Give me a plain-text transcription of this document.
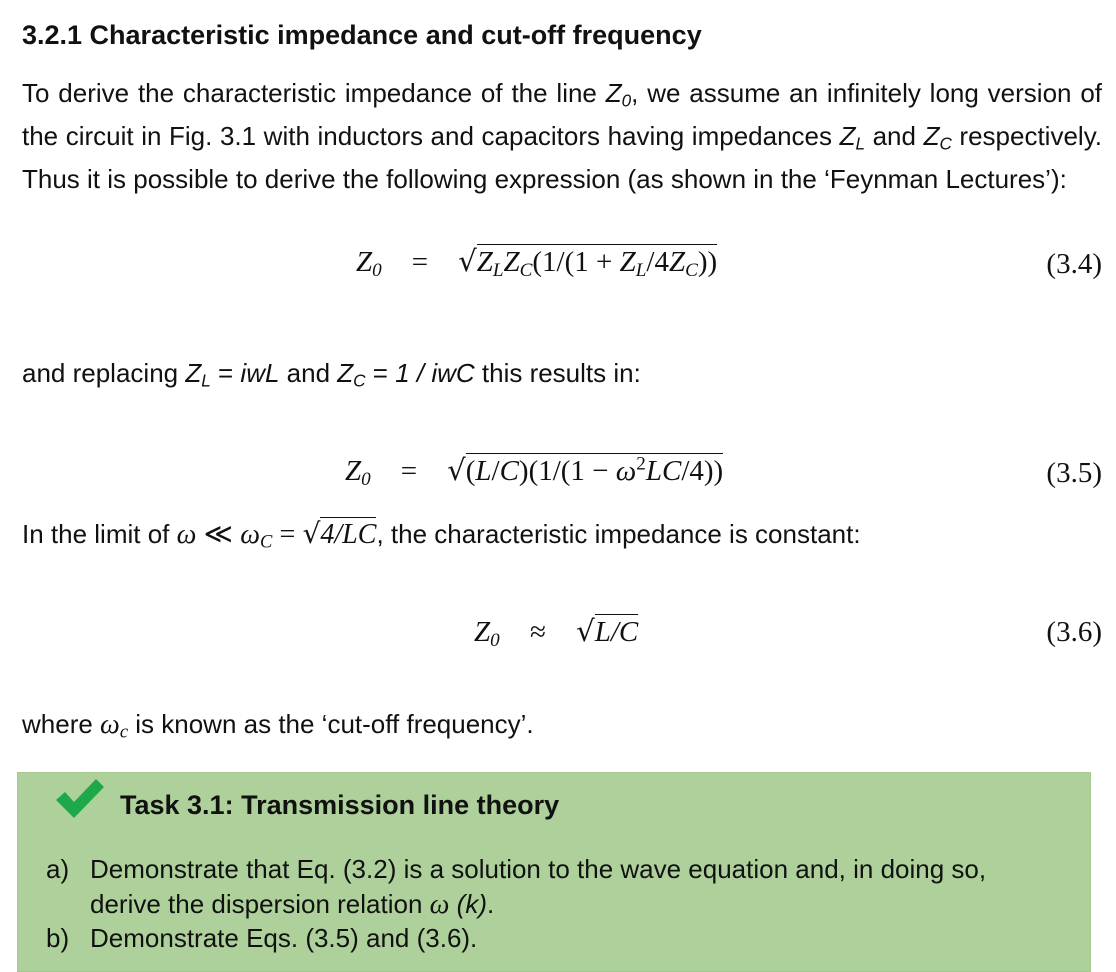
3.2.1 Characteristic impedance and cut-off frequency
To derive the characteristic impedance of the line $Z_0$, we assume an infinitely long version of the circuit in Fig. 3.1 with inductors and capacitors having impedances $Z_L$ and $Z_C$ respectively. Thus it is possible to derive the following expression (as shown in the ‘Feynman Lectures’):
$Z_0 = √Z_LZ_C(1/(1 + Z_L/4Z_C))$	(3.4)
and replacing $Z_L$ = iwL and $Z_C = 1$ / iwC this results in:
$Z_0 = √(L/C)(1/(1 - \omega^2LC/4))$	(3.5)
In the limit of ω ≪ $\omega_C = √4/LC$, the characteristic impedance is constant:
$Z_0 \approx √L/C$	(3.6)
where $\omega_c$ is known as the ‘cut-off frequency’.
Task 3.1: Transmission line theory
a) Demonstrate that Eq. (3.2) is a solution to the wave equation and, in doing so,
derive the dispersion relation ω (k).
b) Demonstrate Eqs. (3.5) and (3.6).
